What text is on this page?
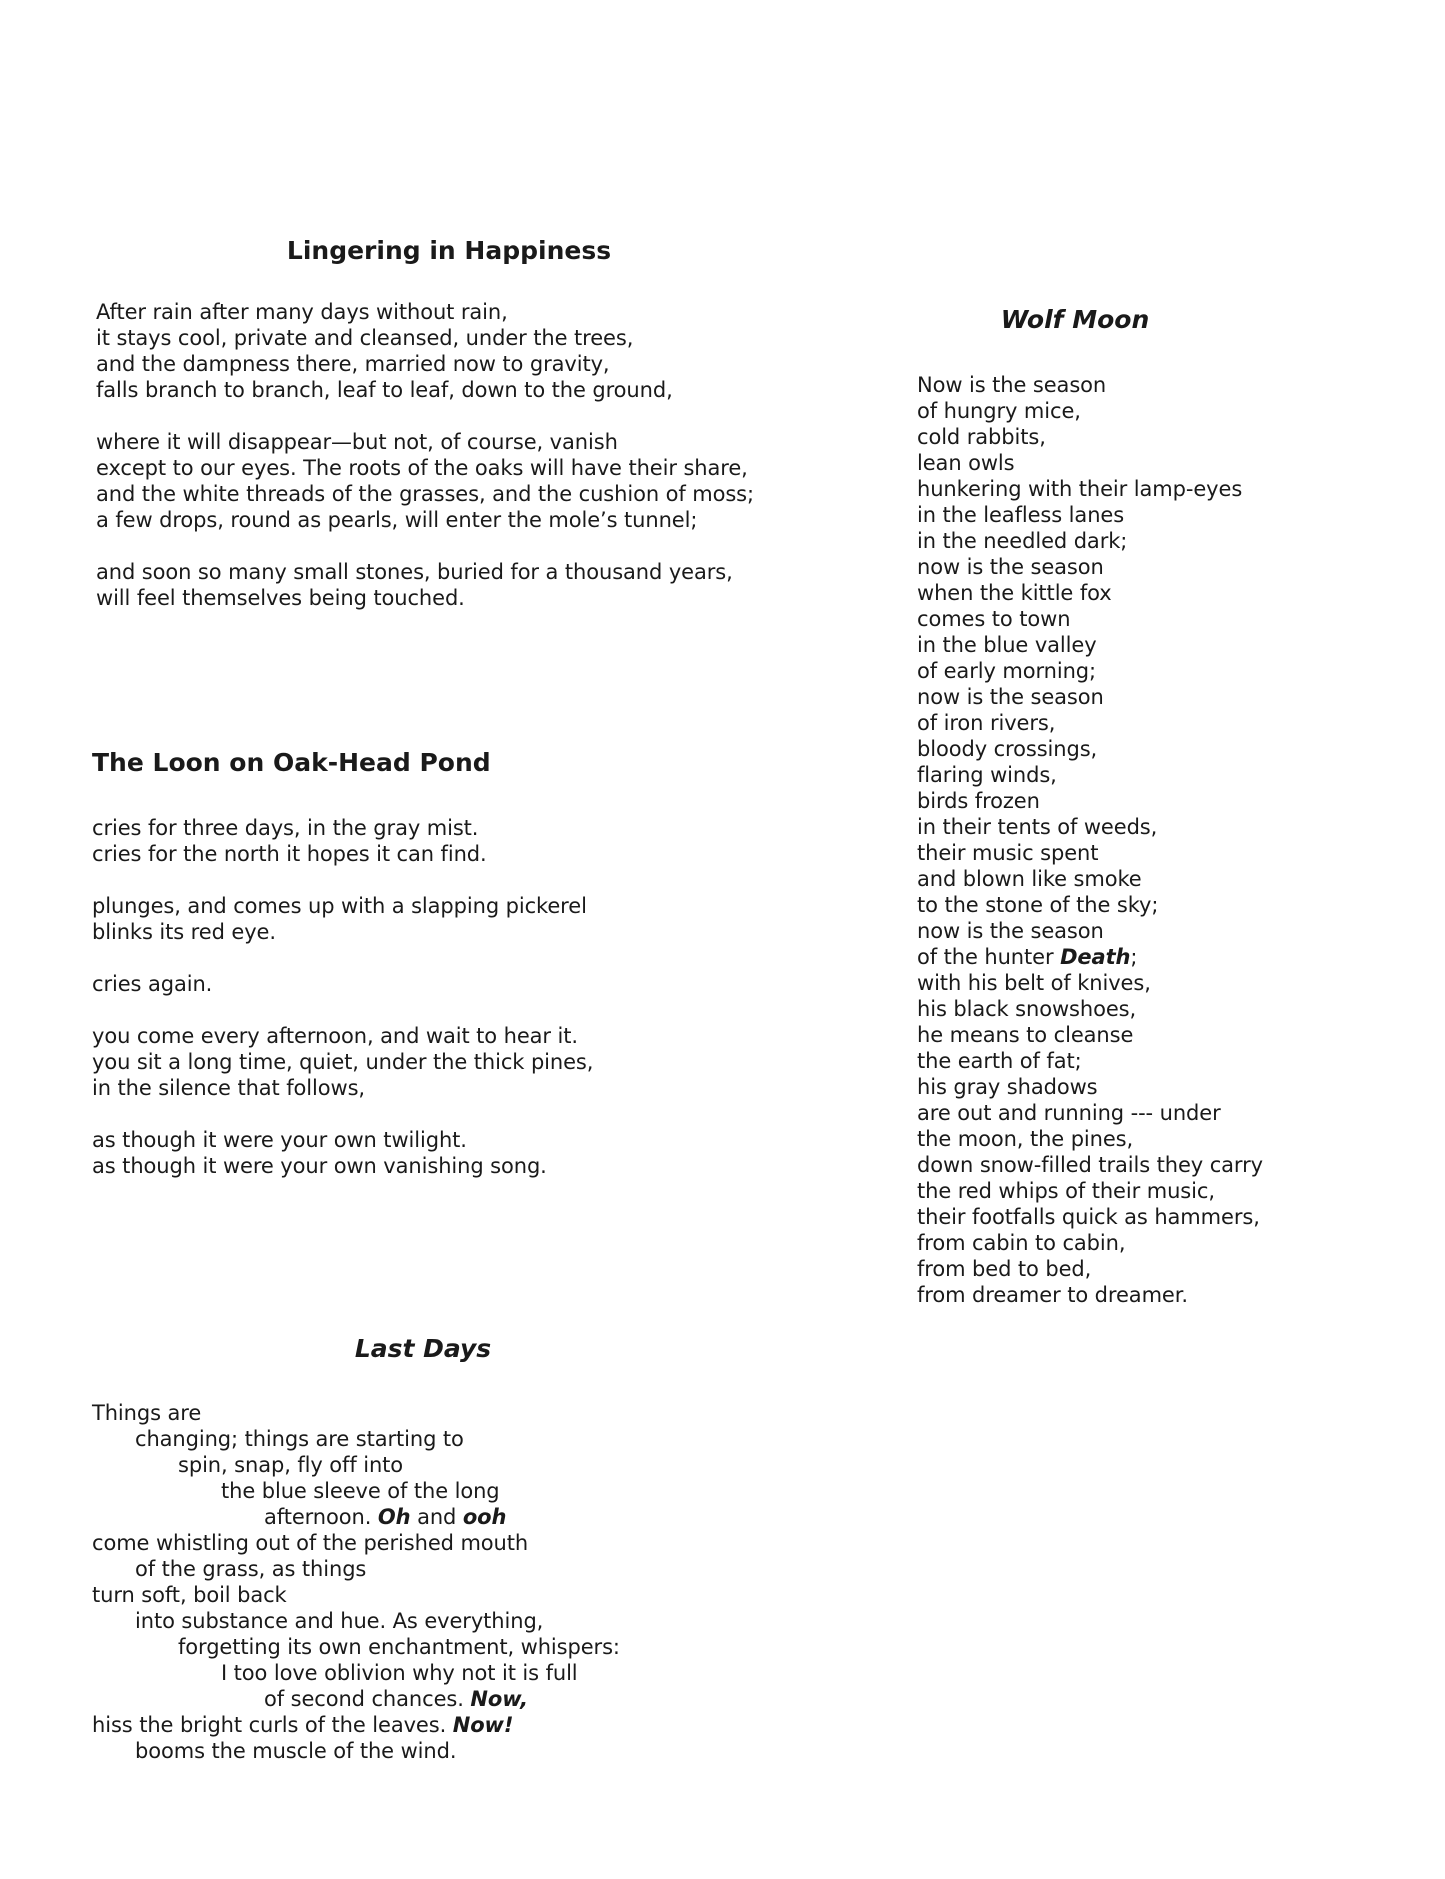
Lingering in Happiness
After rain after many days without rain,
it stays cool, private and cleansed, under the trees,
and the dampness there, married now to gravity,
falls branch to branch, leaf to leaf, down to the ground,
where it will disappear—but not, of course, vanish
except to our eyes. The roots of the oaks will have their share,
and the white threads of the grasses, and the cushion of moss;
a few drops, round as pearls, will enter the mole’s tunnel;
and soon so many small stones, buried for a thousand years,
will feel themselves being touched.
The Loon on Oak-Head Pond
cries for three days, in the gray mist.
cries for the north it hopes it can find.
plunges, and comes up with a slapping pickerel
blinks its red eye.
cries again.
you come every afternoon, and wait to hear it.
you sit a long time, quiet, under the thick pines,
in the silence that follows,
as though it were your own twilight.
as though it were your own vanishing song.
Last Days
Things are
changing; things are starting to
spin, snap, fly off into
the blue sleeve of the long
afternoon. Oh and ooh
come whistling out of the perished mouth
of the grass, as things
turn soft, boil back
into substance and hue. As everything,
forgetting its own enchantment, whispers:
I too love oblivion why not it is full
of second chances. Now,
hiss the bright curls of the leaves. Now!
booms the muscle of the wind.
Wolf Moon
Now is the season
of hungry mice,
cold rabbits,
lean owls
hunkering with their lamp-eyes
in the leafless lanes
in the needled dark;
now is the season
when the kittle fox
comes to town
in the blue valley
of early morning;
now is the season
of iron rivers,
bloody crossings,
flaring winds,
birds frozen
in their tents of weeds,
their music spent
and blown like smoke
to the stone of the sky;
now is the season
of the hunter Death;
with his belt of knives,
his black snowshoes,
he means to cleanse
the earth of fat;
his gray shadows
are out and running --- under
the moon, the pines,
down snow-filled trails they carry
the red whips of their music,
their footfalls quick as hammers,
from cabin to cabin,
from bed to bed,
from dreamer to dreamer.
